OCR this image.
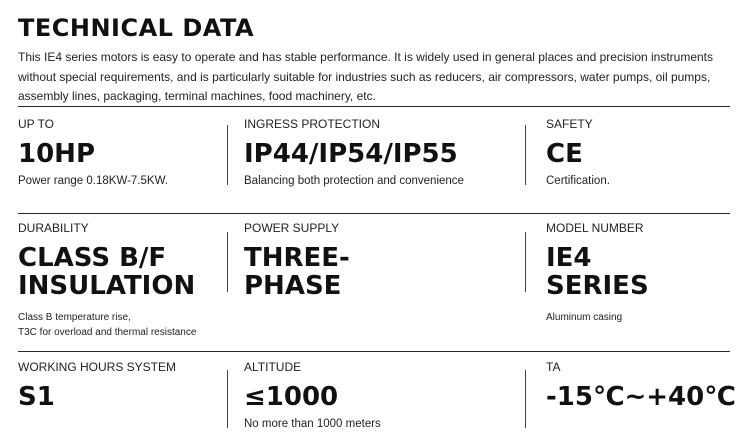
TECHNICAL DATA
This IE4 series motors is easy to operate and has stable performance. It is widely used in general places and precision instruments without special requirements, and is particularly suitable for industries such as reducers, air compressors, water pumps, oil pumps, assembly lines, packaging, terminal machines, food machinery, etc.
UP TO
10HP
Power range 0.18KW-7.5KW.
INGRESS PROTECTION
IP44/IP54/IP55
Balancing both protection and convenience
SAFETY
CE
Certification.
DURABILITY
CLASS B/F
INSULATION
Class B temperature rise,
T3C for overload and thermal resistance
POWER SUPPLY
THREE-
PHASE
MODEL NUMBER
IE4
SERIES
Aluminum casing
WORKING HOURS SYSTEM
S1
ALTITUDE
≤1000
No more than 1000 meters
TA
-15℃~+40℃
